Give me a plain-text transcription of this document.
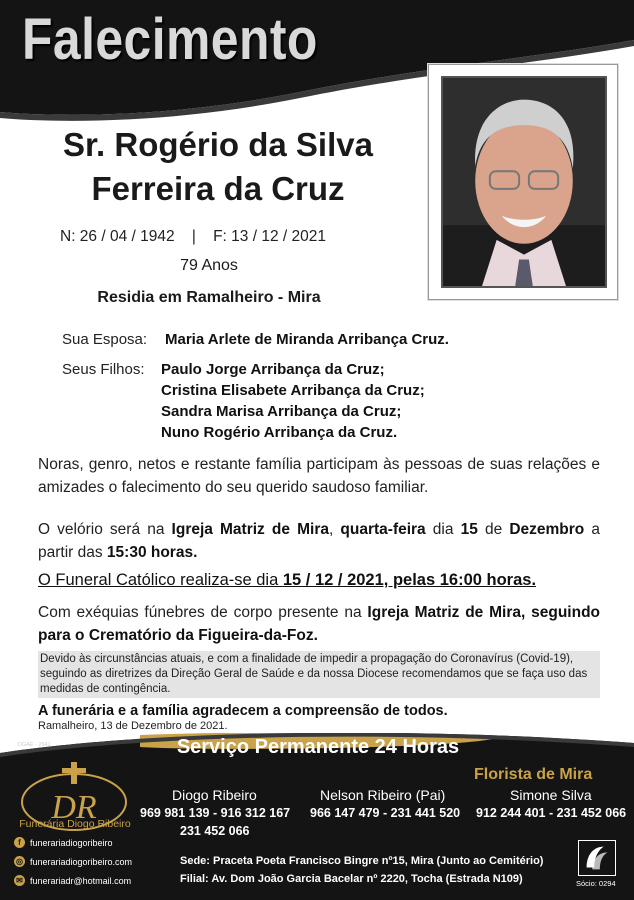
Falecimento
Sr. Rogério da Silva
Ferreira da Cruz
N: 26 / 04 / 1942    |    F: 13 / 12 / 2021
79 Anos
Residia em Ramalheiro - Mira
Sua Esposa: Maria Arlete de Miranda Arribança Cruz.
Seus Filhos: Paulo Jorge Arribança da Cruz;
Cristina Elisabete Arribança da Cruz;
Sandra Marisa Arribança da Cruz;
Nuno Rogério Arribança da Cruz.
Noras, genro, netos e restante família participam às pessoas de suas relações e amizades o falecimento do seu querido saudoso familiar.
O velório será na Igreja Matriz de Mira, quarta-feira dia 15 de Dezembro a partir das 15:30 horas.
O Funeral Católico realiza-se dia 15 / 12 / 2021, pelas 16:00 horas.
Com exéquias fúnebres de corpo presente na Igreja Matriz de Mira, seguindo para o Crematório da Figueira-da-Foz.
Devido às circunstâncias atuais, e com a finalidade de impedir a propagação do Coronavírus (Covid-19), seguindo as diretrizes da Direção Geral de Saúde e da nossa Diocese recomendamos que se faça uso das medidas de contingência.
A funerária e a família agradecem a compreensão de todos.
Ramalheiro, 13 de Dezembro de 2021.
DGAE - 2941	Serviço Permanente 24 Horas
DR
Funerária Diogo Ribeiro
Florista de Mira
Diogo Ribeiro
969 981 139 - 916 312 167
231 452 066
Nelson Ribeiro (Pai)
966 147 479 - 231 441 520
Simone Silva
912 244 401 - 231 452 066
f	funerariadiogoribeiro
◎ funerariadiogoribeiro.com
✉ funerariadr@hotmail.com
Sede: Praceta Poeta Francisco Bingre nº15, Mira (Junto ao Cemitério)
Filial: Av. Dom João Garcia Bacelar nº 2220, Tocha (Estrada N109)	Sócio: 0294
